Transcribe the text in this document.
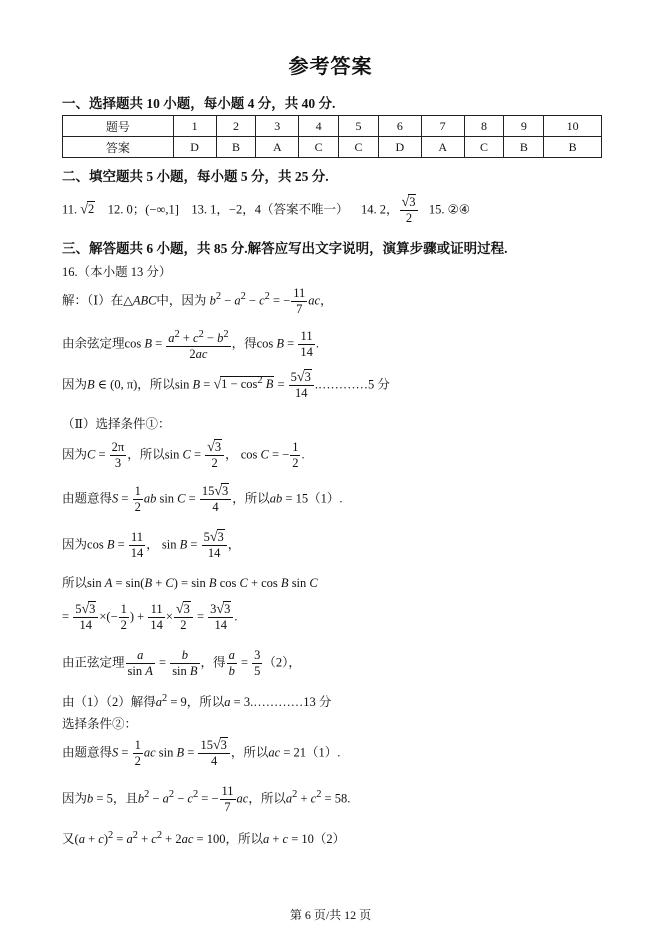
参考答案
一、选择题共 10 小题，每小题 4 分，共 40 分.
题号	1	2	3	4	5	6	7	8	9	10
答案	D	B	A	C	C	D	A	C	B	B
二、填空题共 5 小题，每小题 5 分，共 25 分.
11. √2 12. 0；(−∞,1] 13. 1，−2，4（答案不唯一） 14. 2， $\frac{√3}{2} 15$. ②④
三、解答题共 6 小题，共 85 分.解答应写出文字说明，演算步骤或证明过程.
16.（本小题 13 分）
解：（Ⅰ）在△ABC中，因为 $b^2 - a^2 - c^2$ = − $\frac{11}{7}$ ac，
由余弦定理$\cos B = \frac{a^2 + c^2 - b^2}{2ac}$ ，得$\cos B = \frac{11}{14}$ .
因为B ∈ (0, π)，所以$\sin B = √1 - \cos^2 B = \frac{5√3}{14}$ .…………5 分
（Ⅱ）选择条件①：
因为$C = \frac{2\pi}{3}$ ，所以$\sin C = \frac{√3}{2}$ ， cos C = − $\frac{1}{2}$ .
由题意得$S = \frac{1}{2}$ ab $\sin C = \frac{15√3}{4}$ ，所以ab = 15（1）.
因为$\cos B = \frac{11}{14}$ ， $\sin B = \frac{5√3}{14}$ ，
所以sin A = sin(B + C) = sin B cos C + cos B sin C
= $\frac{5√3}{14}$ ×(− $\frac{1}{2}$ ) + $\frac{11}{14} \times \frac{√3}{2} = \frac{3√3}{14}$ .
由正弦定理 $\frac{a}{\text{sin A}} = \frac{b}{\text{sin B}}$ ，得 $\frac{a}{b} = \frac{3}{5} (2)$，
由（1）（2）解得$a^2 = 9$，所以a = 3.…………13 分
选择条件②：
由题意得$S = \frac{1}{2}$ ac $\sin B = \frac{15√3}{4}$ ，所以ac = 21（1）.
因为b = 5，且$b^2 - a^2 - c^2$ = − $\frac{11}{7}$ ac，所以$a^2 + c^2 = 58$.
又$(a + c)^2 = a^2 + c^2 + 2ac = 100$，所以a + c = 10（2）
第 6 页/共 12 页
